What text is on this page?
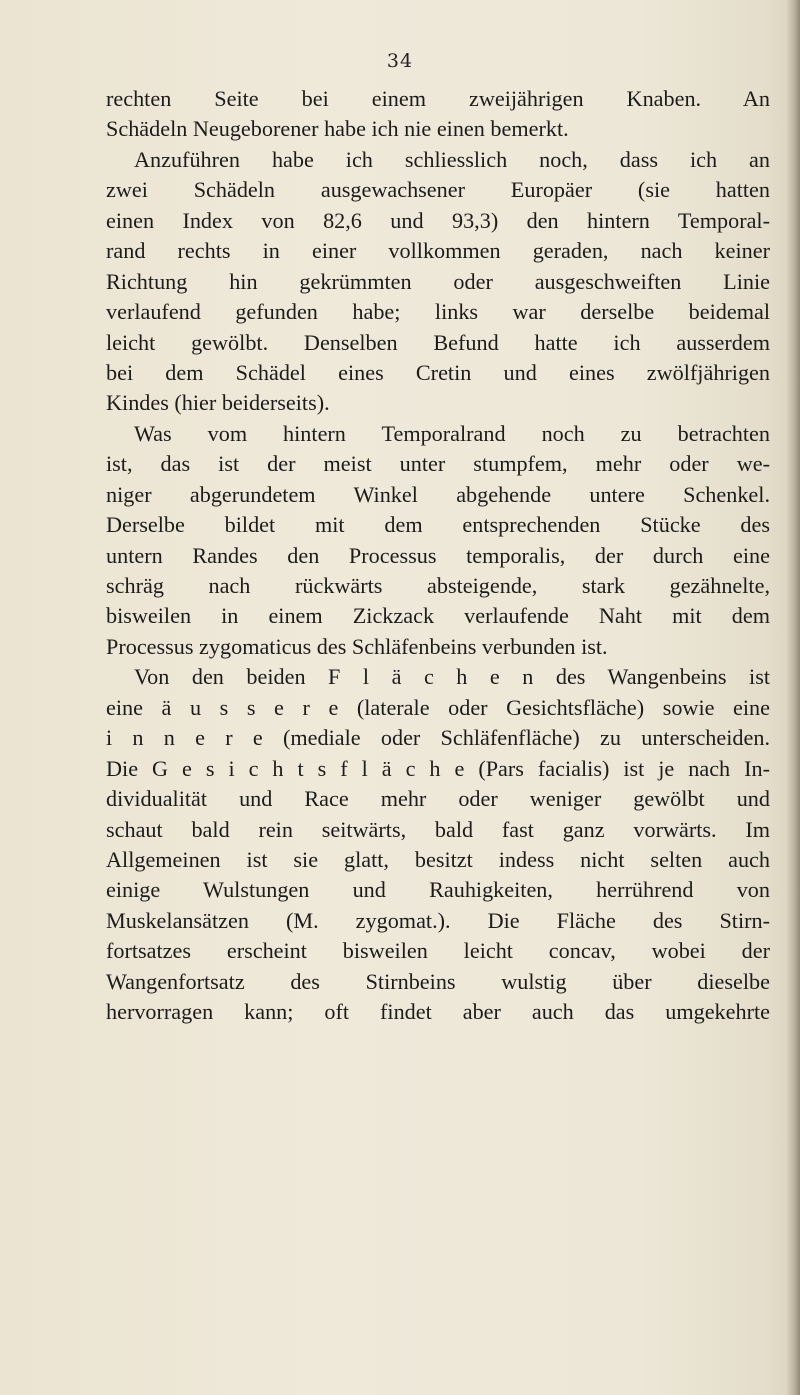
34
rechten Seite bei einem zweijährigen Knaben. An
Schädeln Neugeborener habe ich nie einen bemerkt.
Anzuführen habe ich schliesslich noch, dass ich an
zwei Schädeln ausgewachsener Europäer (sie hatten
einen Index von 82,6 und 93,3) den hintern Temporal-
rand rechts in einer vollkommen geraden, nach keiner
Richtung hin gekrümmten oder ausgeschweiften Linie
verlaufend gefunden habe; links war derselbe beidemal
leicht gewölbt. Denselben Befund hatte ich ausserdem
bei dem Schädel eines Cretin und eines zwölfjährigen
Kindes (hier beiderseits).
Was vom hintern Temporalrand noch zu betrachten
ist, das ist der meist unter stumpfem, mehr oder we-
niger abgerundetem Winkel abgehende untere Schenkel.
Derselbe bildet mit dem entsprechenden Stücke des
untern Randes den Processus temporalis, der durch eine
schräg nach rückwärts absteigende, stark gezähnelte,
bisweilen in einem Zickzack verlaufende Naht mit dem
Processus zygomaticus des Schläfenbeins verbunden ist.
Von den beiden F l ä c h e n des Wangenbeins ist
eine ä u s s e r e (laterale oder Gesichtsfläche) sowie eine
i n n e r e (mediale oder Schläfenfläche) zu unterscheiden.
Die G e s i c h t s f l ä c h e (Pars facialis) ist je nach In-
dividualität und Race mehr oder weniger gewölbt und
schaut bald rein seitwärts, bald fast ganz vorwärts. Im
Allgemeinen ist sie glatt, besitzt indess nicht selten auch
einige Wulstungen und Rauhigkeiten, herrührend von
Muskelansätzen (M. zygomat.). Die Fläche des Stirn-
fortsatzes erscheint bisweilen leicht concav, wobei der
Wangenfortsatz des Stirnbeins wulstig über dieselbe
hervorragen kann; oft findet aber auch das umgekehrte
